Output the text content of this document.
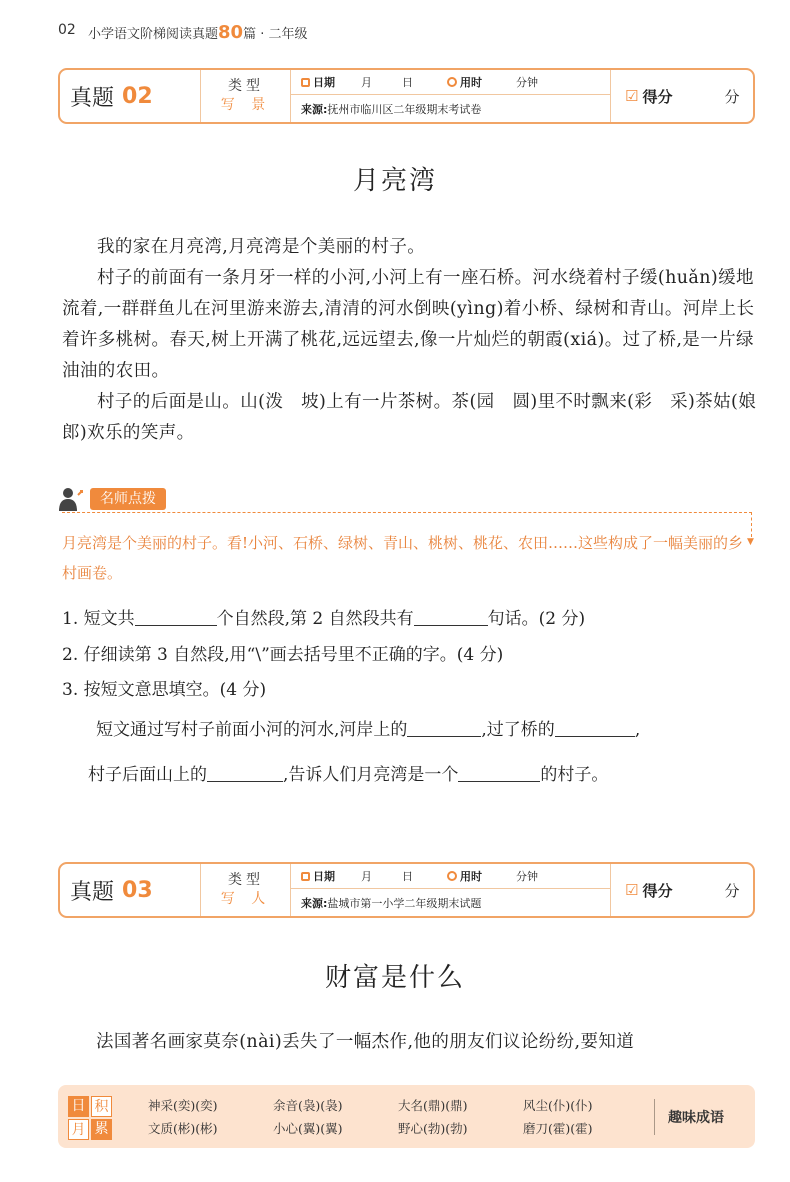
02 小学语文阶梯阅读真题80篇 · 二年级
真题 02	类型
写 景
日期 月	日	用时	分钟
来源: 抚州市临川区二年级期末考试卷
☑ 得分	分
月亮湾

我的家在月亮湾,月亮湾是个美丽的村子。

村子的前面有一条月牙一样的小河,小河上有一座石桥。河水绕着村子缓(huǎn)缓地流着,一群群鱼儿在河里游来游去,清清的河水倒映(yìng)着小桥、绿树和青山。河岸上长着许多桃树。春天,树上开满了桃花,远远望去,像一片灿烂的朝霞(xiá)。过了桥,是一片绿油油的农田。

村子的后面是山。山(泼　坡)上有一片茶树。茶(园　圆)里不时飘来(彩　采)茶姑(娘　郎)欢乐的笑声。

名师点拨
▼
月亮湾是个美丽的村子。看!小河、石桥、绿树、青山、桃树、桃花、农田……这些构成了一幅美丽的乡村画卷。
1. 短文共	个自然段,第 2 自然段共有	句话。(2 分)
2. 仔细读第 3 自然段,用“\”画去括号里不正确的字。(4 分)
3. 按短文意思填空。(4 分)
短文通过写村子前面小河的河水,河岸上的	,过了桥的	,
村子后面山上的	,告诉人们月亮湾是一个	的村子。
真题 03	类型
写 人
日期 月	日	用时	分钟
来源: 盐城市第一小学二年级期末试题
☑ 得分	分
财富是什么
法国著名画家莫奈(nài)丢失了一幅杰作,他的朋友们议论纷纷,要知道
日 积
月 累
神采(奕)(奕)	余音(袅)(袅)	大名(鼎)(鼎)	风尘(仆)(仆)
文质(彬)(彬)	小心(翼)(翼)	野心(勃)(勃)	磨刀(霍)(霍)
趣味成语
